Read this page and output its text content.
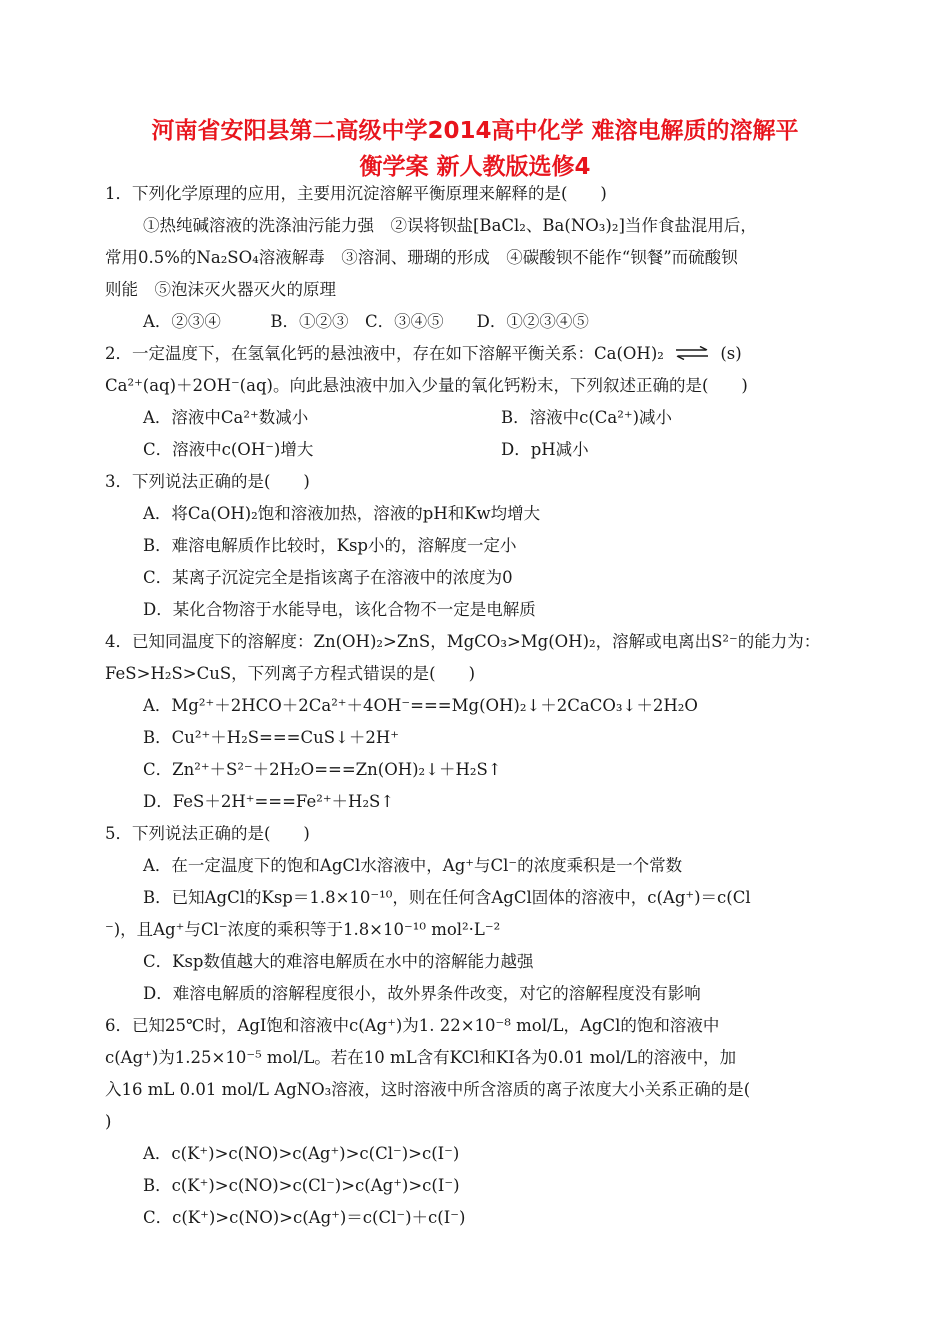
河南省安阳县第二高级中学2014高中化学 难溶电解质的溶解平
衡学案 新人教版选修4
1．下列化学原理的应用，主要用沉淀溶解平衡原理来解释的是(　　)
①热纯碱溶液的洗涤油污能力强　②误将钡盐[BaCl₂、Ba(NO₃)₂]当作食盐混用后，
常用0.5%的Na₂SO₄溶液解毒　③溶洞、珊瑚的形成　④碳酸钡不能作“钡餐”而硫酸钡
则能　⑤泡沫灭火器灭火的原理
A．②③④　　　B．①②③　C．③④⑤　　D．①②③④⑤
2．一定温度下，在氢氧化钙的悬浊液中，存在如下溶解平衡关系：Ca(OH)₂ ⇌ (s)
Ca²⁺(aq)＋2OH⁻(aq)。向此悬浊液中加入少量的氧化钙粉末，下列叙述正确的是(　　)
A．溶液中Ca²⁺数减小	B．溶液中c(Ca²⁺)减小
C．溶液中c(OH⁻)增大	D．pH减小
3．下列说法正确的是(　　)
A．将Ca(OH)₂饱和溶液加热，溶液的pH和Kw均增大
B．难溶电解质作比较时，Ksp小的，溶解度一定小
C．某离子沉淀完全是指该离子在溶液中的浓度为0
D．某化合物溶于水能导电，该化合物不一定是电解质
4．已知同温度下的溶解度：Zn(OH)₂>ZnS，MgCO₃>Mg(OH)₂，溶解或电离出S²⁻的能力为：
FeS>H₂S>CuS，下列离子方程式错误的是(　　)
A．Mg²⁺＋2HCO＋2Ca²⁺＋4OH⁻===Mg(OH)₂↓＋2CaCO₃↓＋2H₂O
B．Cu²⁺＋H₂S===CuS↓＋2H⁺
C．Zn²⁺＋S²⁻＋2H₂O===Zn(OH)₂↓＋H₂S↑
D．FeS＋2H⁺===Fe²⁺＋H₂S↑
5．下列说法正确的是(　　)
A．在一定温度下的饱和AgCl水溶液中，Ag⁺与Cl⁻的浓度乘积是一个常数
B．已知AgCl的Ksp＝1.8×10⁻¹⁰，则在任何含AgCl固体的溶液中，c(Ag⁺)＝c(Cl
⁻)，且Ag⁺与Cl⁻浓度的乘积等于1.8×10⁻¹⁰ mol²·L⁻²
C．Ksp数值越大的难溶电解质在水中的溶解能力越强
D．难溶电解质的溶解程度很小，故外界条件改变，对它的溶解程度没有影响
6．已知25℃时，AgI饱和溶液中c(Ag⁺)为1. 22×10⁻⁸ mol/L，AgCl的饱和溶液中
c(Ag⁺)为1.25×10⁻⁵ mol/L。若在10 mL含有KCl和KI各为0.01 mol/L的溶液中，加
入16 mL 0.01 mol/L AgNO₃溶液，这时溶液中所含溶质的离子浓度大小关系正确的是(
)
A．c(K⁺)>c(NO)>c(Ag⁺)>c(Cl⁻)>c(I⁻)
B．c(K⁺)>c(NO)>c(Cl⁻)>c(Ag⁺)>c(I⁻)
C．c(K⁺)>c(NO)>c(Ag⁺)＝c(Cl⁻)＋c(I⁻)
